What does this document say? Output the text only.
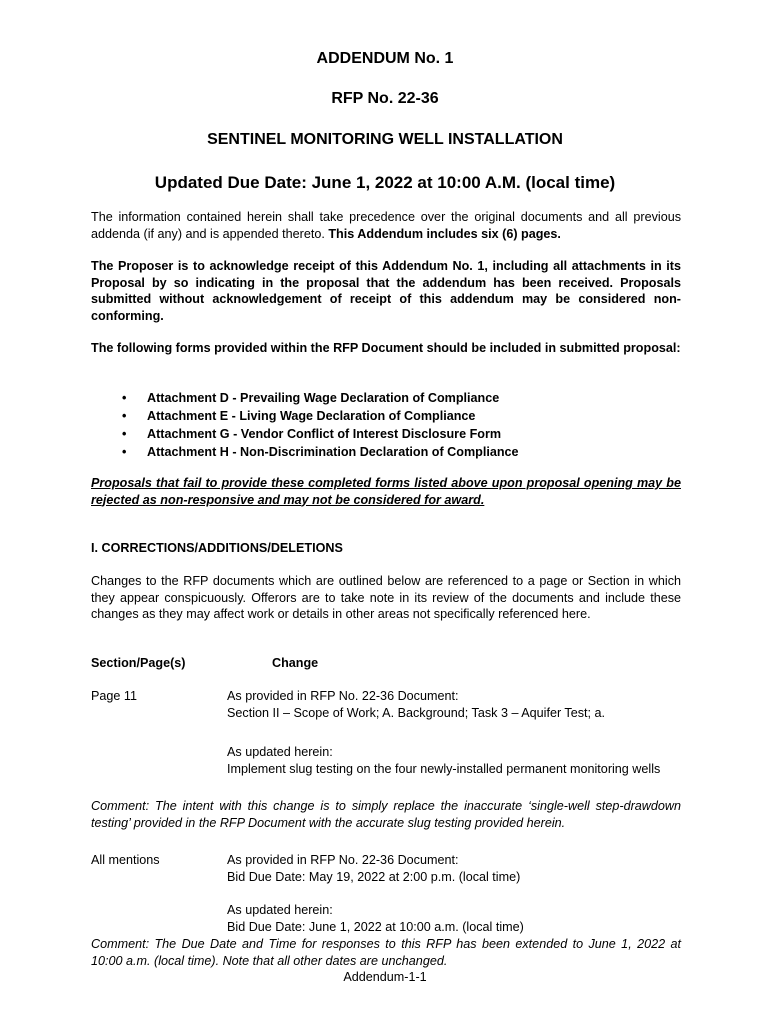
ADDENDUM No. 1
RFP No. 22-36
SENTINEL MONITORING WELL INSTALLATION
Updated Due Date: June 1, 2022 at 10:00 A.M. (local time)
The information contained herein shall take precedence over the original documents and all previous addenda (if any) and is appended thereto. This Addendum includes six (6) pages.
The Proposer is to acknowledge receipt of this Addendum No. 1, including all attachments in its Proposal by so indicating in the proposal that the addendum has been received. Proposals submitted without acknowledgement of receipt of this addendum may be considered non-conforming.
The following forms provided within the RFP Document should be included in submitted proposal:
• Attachment D - Prevailing Wage Declaration of Compliance
• Attachment E - Living Wage Declaration of Compliance
• Attachment G - Vendor Conflict of Interest Disclosure Form
• Attachment H - Non-Discrimination Declaration of Compliance
Proposals that fail to provide these completed forms listed above upon proposal opening may be rejected as non-responsive and may not be considered for award.
I. CORRECTIONS/ADDITIONS/DELETIONS
Changes to the RFP documents which are outlined below are referenced to a page or Section in which they appear conspicuously. Offerors are to take note in its review of the documents and include these changes as they may affect work or details in other areas not specifically referenced here.
Section/Page(s)	Change
Page 11	As provided in RFP No. 22-36 Document:
Section II – Scope of Work; A. Background; Task 3 – Aquifer Test; a.
As updated herein:
Implement slug testing on the four newly-installed permanent monitoring wells
Comment: The intent with this change is to simply replace the inaccurate ‘single-well step-drawdown testing’ provided in the RFP Document with the accurate slug testing provided herein.
All mentions	As provided in RFP No. 22-36 Document:
Bid Due Date: May 19, 2022 at 2:00 p.m. (local time)
As updated herein:
Bid Due Date: June 1, 2022 at 10:00 a.m. (local time)
Comment: The Due Date and Time for responses to this RFP has been extended to June 1, 2022 at 10:00 a.m. (local time). Note that all other dates are unchanged.
Addendum-1-1
